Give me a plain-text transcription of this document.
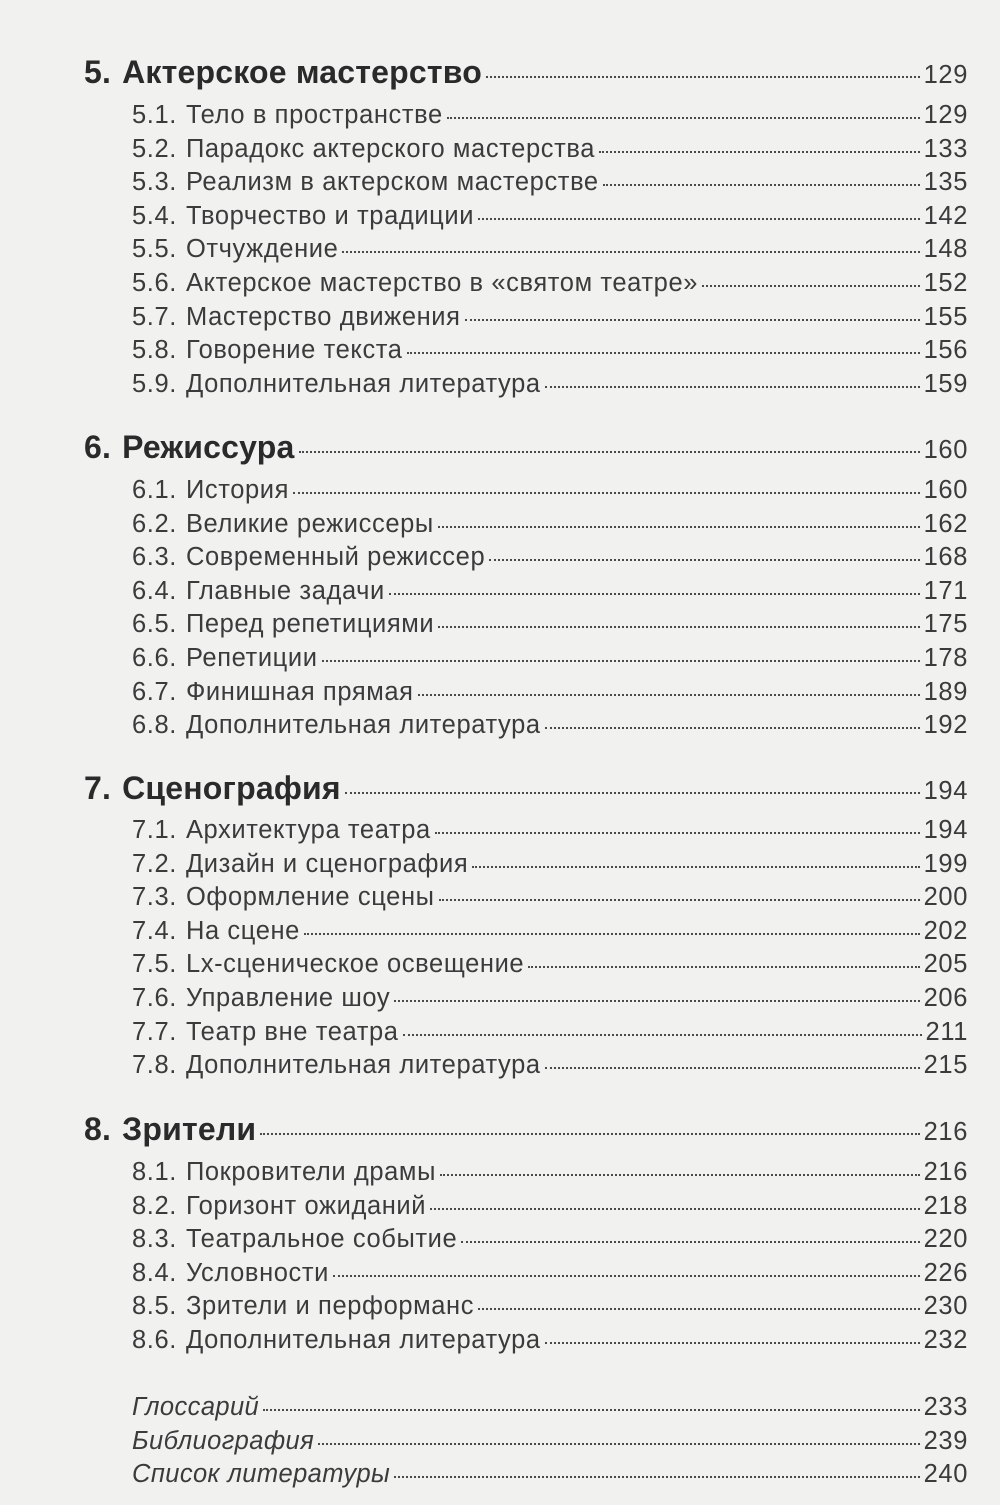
5. Актерское мастерство	129
5.1. Тело в пространстве	129
5.2. Парадокс актерского мастерства	133
5.3. Реализм в актерском мастерстве	135
5.4. Творчество и традиции	142
5.5. Отчуждение	148
5.6. Актерское мастерство в «святом театре»	152
5.7. Мастерство движения	155
5.8. Говорение текста	156
5.9. Дополнительная литература	159
6. Режиссура	160
6.1. История	160
6.2. Великие режиссеры	162
6.3. Современный режиссер	168
6.4. Главные задачи	171
6.5. Перед репетициями	175
6.6. Репетиции	178
6.7. Финишная прямая	189
6.8. Дополнительная литература	192
7. Сценография	194
7.1. Архитектура театра	194
7.2. Дизайн и сценография	199
7.3. Оформление сцены	200
7.4. На сцене	202
7.5. Lх-сценическое освещение	205
7.6. Управление шоу	206
7.7. Театр вне театра	211
7.8. Дополнительная литература	215
8. Зрители	216
8.1. Покровители драмы	216
8.2. Горизонт ожиданий	218
8.3. Театральное событие	220
8.4. Условности	226
8.5. Зрители и перформанс	230
8.6. Дополнительная литература	232
Глоссарий	233
Библиография	239
Список литературы	240
